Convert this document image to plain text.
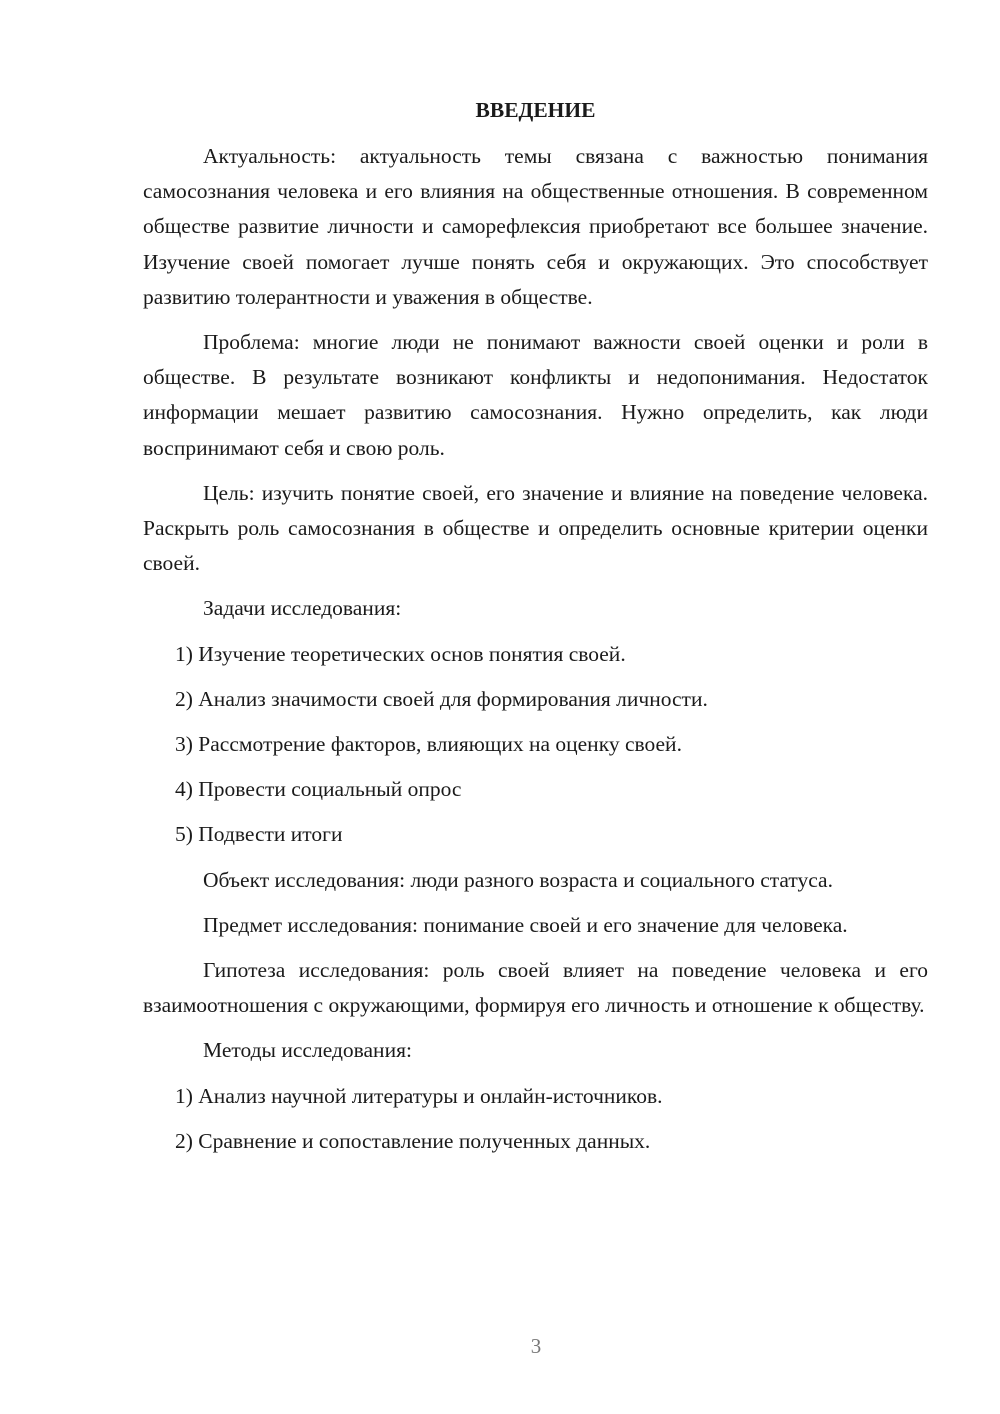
ВВЕДЕНИЕ
Актуальность: актуальность темы связана с важностью понимания самосознания человека и его влияния на общественные отношения. В современном обществе развитие личности и саморефлексия приобретают все большее значение. Изучение своей помогает лучше понять себя и окружающих. Это способствует развитию толерантности и уважения в обществе.
Проблема: многие люди не понимают важности своей оценки и роли в обществе. В результате возникают конфликты и недопонимания. Недостаток информации мешает развитию самосознания. Нужно определить, как люди воспринимают себя и свою роль.
Цель: изучить понятие своей, его значение и влияние на поведение человека. Раскрыть роль самосознания в обществе и определить основные критерии оценки своей.
Задачи исследования:
1) Изучение теоретических основ понятия своей.
2) Анализ значимости своей для формирования личности.
3) Рассмотрение факторов, влияющих на оценку своей.
4) Провести социальный опрос
5) Подвести итоги
Объект исследования: люди разного возраста и социального статуса.
Предмет исследования: понимание своей и его значение для человека.
Гипотеза исследования: роль своей влияет на поведение человека и его взаимоотношения с окружающими, формируя его личность и отношение к обществу.
Методы исследования:
1) Анализ научной литературы и онлайн-источников.
2) Сравнение и сопоставление полученных данных.
3
